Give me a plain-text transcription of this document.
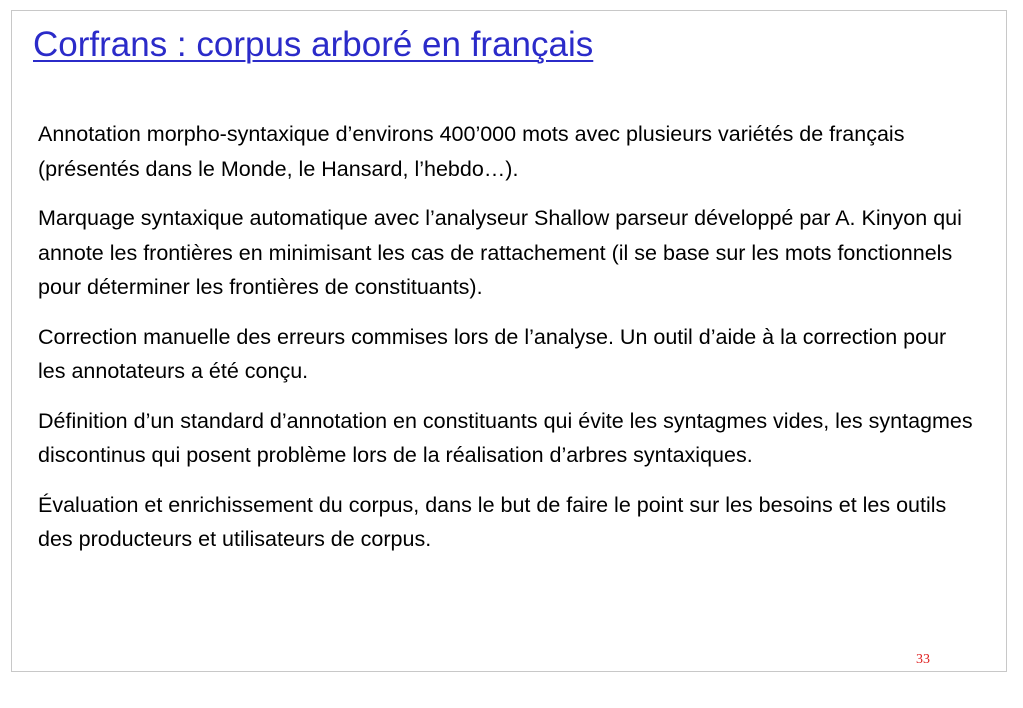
Corfrans : corpus arboré en français

Annotation morpho-syntaxique d’environs 400’000 mots avec plusieurs variétés de français (présentés dans le Monde, le Hansard, l’hebdo…).

Marquage syntaxique automatique avec l’analyseur Shallow parseur développé par A. Kinyon qui annote les frontières en minimisant les cas de rattachement (il se base sur les mots fonctionnels pour déterminer les frontières de constituants).

Correction manuelle des erreurs commises lors de l’analyse. Un outil d’aide à la correction pour les annotateurs a été conçu.

Définition d’un standard d’annotation en constituants qui évite les syntagmes vides, les syntagmes discontinus qui posent problème lors de la réalisation d’arbres syntaxiques.

Évaluation et enrichissement du corpus, dans le but de faire le point sur les besoins et les outils des producteurs et utilisateurs de corpus.

33
